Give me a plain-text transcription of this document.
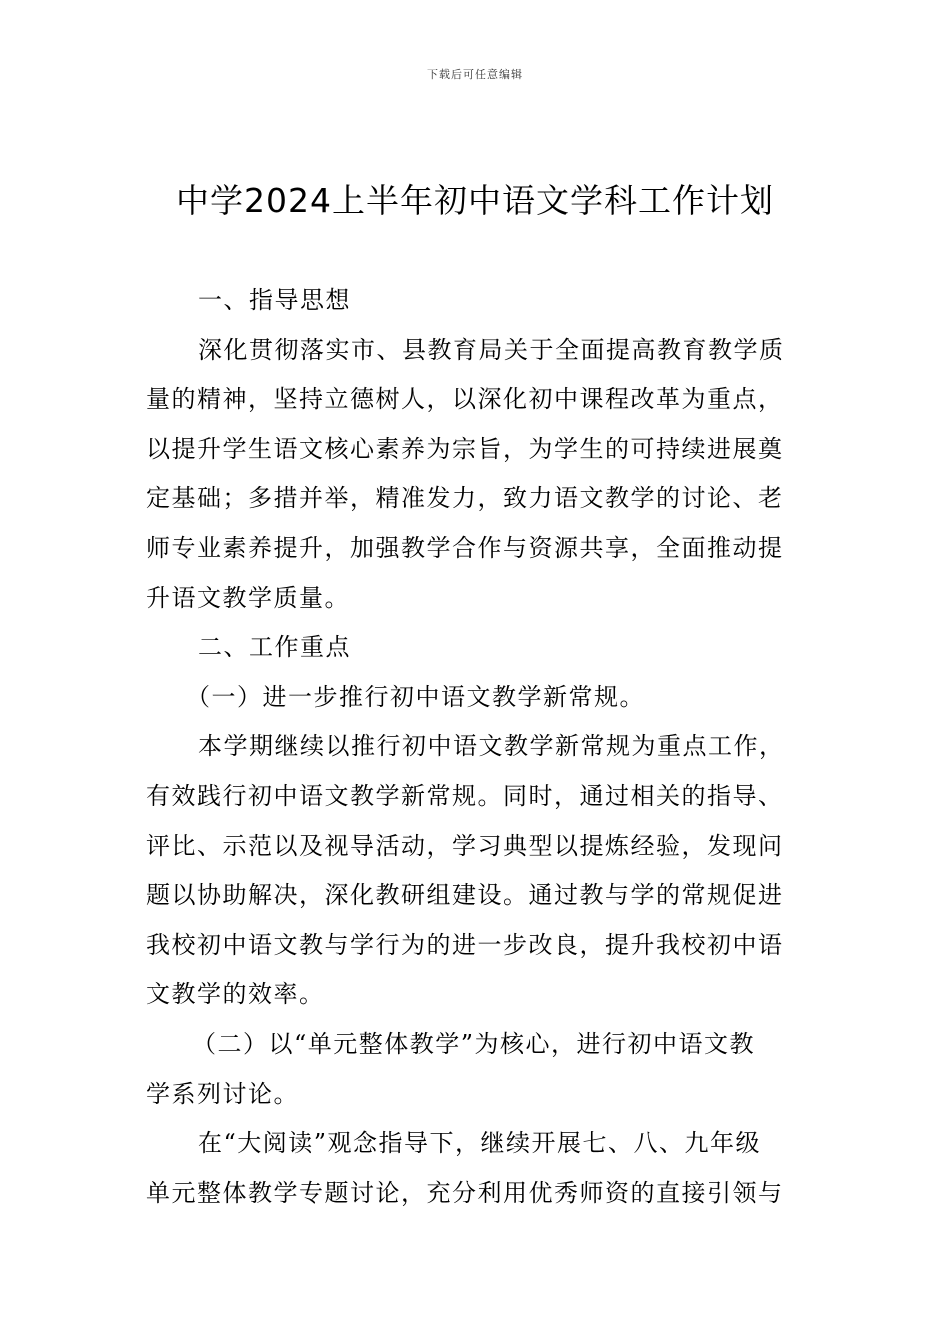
下载后可任意编辑
中学2024上半年初中语文学科工作计划
一、指导思想
深化贯彻落实市、县教育局关于全面提高教育教学质
量的精神，坚持立德树人，以深化初中课程改革为重点，
以提升学生语文核心素养为宗旨，为学生的可持续进展奠
定基础；多措并举，精准发力，致力语文教学的讨论、老
师专业素养提升，加强教学合作与资源共享，全面推动提
升语文教学质量。
二、工作重点
（一）进一步推行初中语文教学新常规。
本学期继续以推行初中语文教学新常规为重点工作，
有效践行初中语文教学新常规。同时，通过相关的指导、
评比、示范以及视导活动，学习典型以提炼经验，发现问
题以协助解决，深化教研组建设。通过教与学的常规促进
我校初中语文教与学行为的进一步改良，提升我校初中语
文教学的效率。
（二）以“单元整体教学”为核心，进行初中语文教
学系列讨论。
在“大阅读”观念指导下，继续开展七、八、九年级
单元整体教学专题讨论，充分利用优秀师资的直接引领与
